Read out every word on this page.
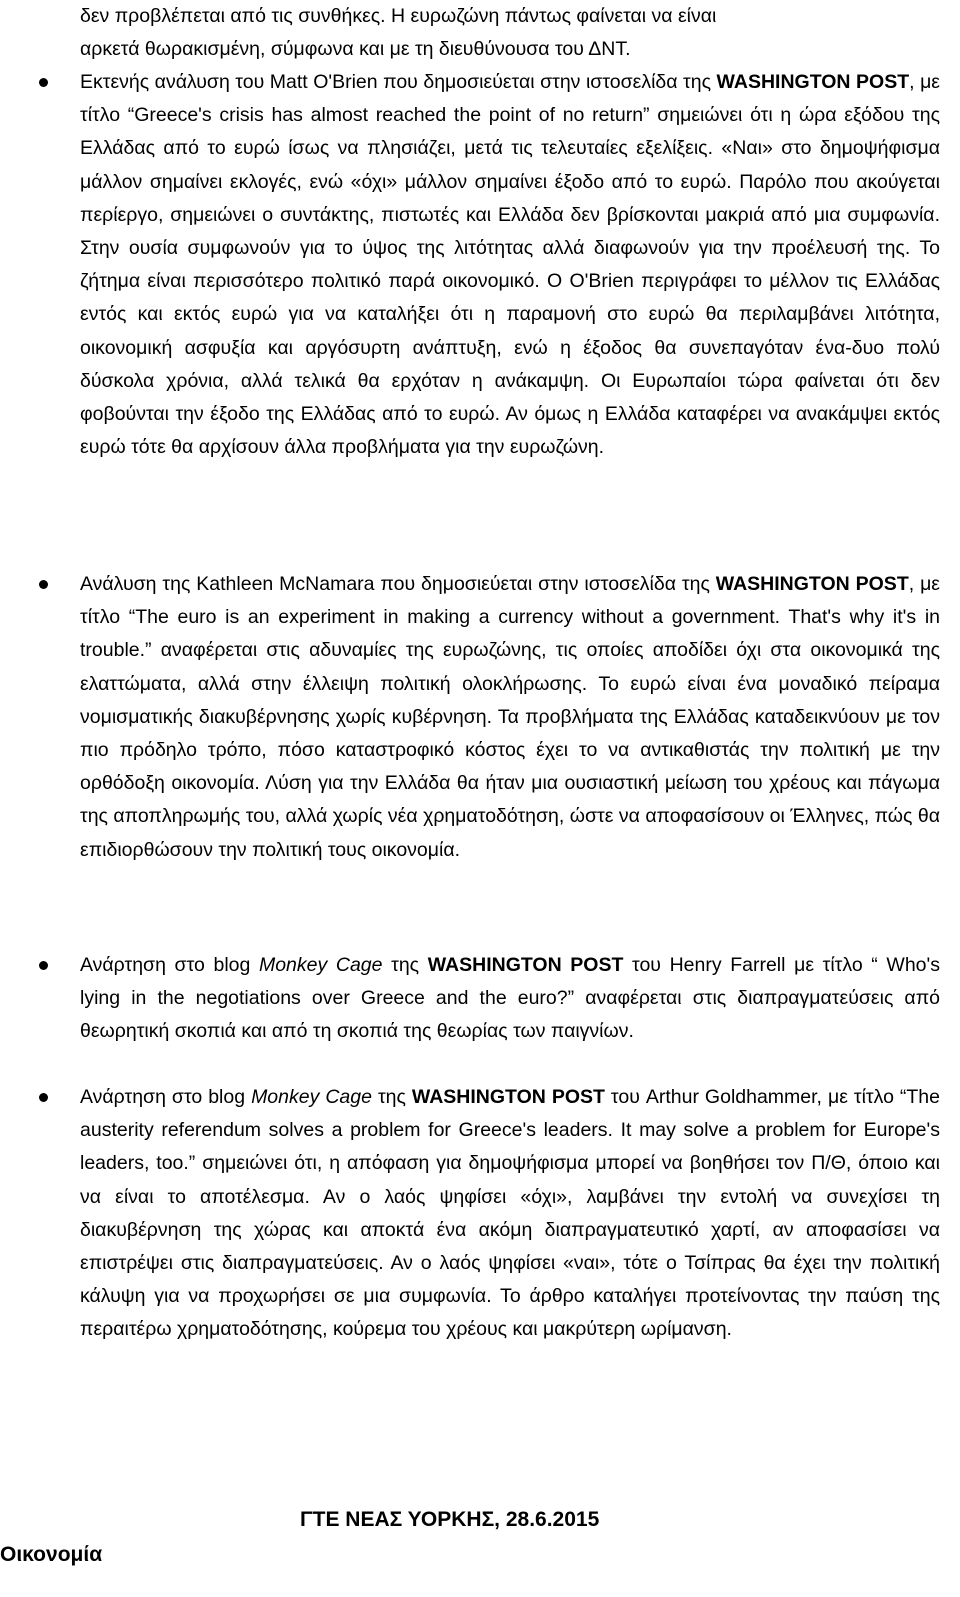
δεν προβλέπεται από τις συνθήκες. Η ευρωζώνη πάντως φαίνεται να είναι

αρκετά θωρακισμένη, σύμφωνα και με τη διευθύνουσα του ΔΝΤ.

Εκτενής ανάλυση του Matt O'Brien που δημοσιεύεται στην ιστοσελίδα της WASHINGTON POST, με τίτλο “Greece's crisis has almost reached the point of no return” σημειώνει ότι η ώρα εξόδου της Ελλάδας από το ευρώ ίσως να πλησιάζει, μετά τις τελευταίες εξελίξεις. «Ναι» στο δημοψήφισμα μάλλον σημαίνει εκλογές, ενώ «όχι» μάλλον σημαίνει έξοδο από το ευρώ. Παρόλο που ακούγεται περίεργο, σημειώνει ο συντάκτης, πιστωτές και Ελλάδα δεν βρίσκονται μακριά από μια συμφωνία. Στην ουσία συμφωνούν για το ύψος της λιτότητας αλλά διαφωνούν για την προέλευσή της. Το ζήτημα είναι περισσότερο πολιτικό παρά οικονομικό. Ο O'Brien περιγράφει το μέλλον τις Ελλάδας εντός και εκτός ευρώ για να καταλήξει ότι η παραμονή στο ευρώ θα περιλαμβάνει λιτότητα, οικονομική ασφυξία και αργόσυρτη ανάπτυξη, ενώ η έξοδος θα συνεπαγόταν ένα-δυο πολύ δύσκολα χρόνια, αλλά τελικά θα ερχόταν η ανάκαμψη. Οι Ευρωπαίοι τώρα φαίνεται ότι δεν φοβούνται την έξοδο της Ελλάδας από το ευρώ. Αν όμως η Ελλάδα καταφέρει να ανακάμψει εκτός ευρώ τότε θα αρχίσουν άλλα προβλήματα για την ευρωζώνη.

Ανάλυση της Kathleen McNamara που δημοσιεύεται στην ιστοσελίδα της WASHINGTON POST, με τίτλο “The euro is an experiment in making a currency without a government. That's why it's in trouble.” αναφέρεται στις αδυναμίες της ευρωζώνης, τις οποίες αποδίδει όχι στα οικονομικά της ελαττώματα, αλλά στην έλλειψη πολιτική ολοκλήρωσης. Το ευρώ είναι ένα μοναδικό πείραμα νομισματικής διακυβέρνησης χωρίς κυβέρνηση. Τα προβλήματα της Ελλάδας καταδεικνύουν με τον πιο πρόδηλο τρόπο, πόσο καταστροφικό κόστος έχει το να αντικαθιστάς την πολιτική με την ορθόδοξη οικονομία. Λύση για την Ελλάδα θα ήταν μια ουσιαστική μείωση του χρέους και πάγωμα της αποπληρωμής του, αλλά χωρίς νέα χρηματοδότηση, ώστε να αποφασίσουν οι Έλληνες, πώς θα επιδιορθώσουν την πολιτική τους οικονομία.

Ανάρτηση στο blog Monkey Cage της WASHINGTON POST του Henry Farrell με τίτλο “ Who's lying in the negotiations over Greece and the euro?” αναφέρεται στις διαπραγματεύσεις από θεωρητική σκοπιά και από τη σκοπιά της θεωρίας των παιγνίων.

Ανάρτηση στο blog Monkey Cage της WASHINGTON POST του Arthur Goldhammer, με τίτλο “The austerity referendum solves a problem for Greece's leaders. It may solve a problem for Europe's leaders, too.” σημειώνει ότι, η απόφαση για δημοψήφισμα μπορεί να βοηθήσει τον Π/Θ, όποιο και να είναι το αποτέλεσμα. Αν ο λαός ψηφίσει «όχι», λαμβάνει την εντολή να συνεχίσει τη διακυβέρνηση της χώρας και αποκτά ένα ακόμη διαπραγματευτικό χαρτί, αν αποφασίσει να επιστρέψει στις διαπραγματεύσεις. Αν ο λαός ψηφίσει «ναι», τότε ο Τσίπρας θα έχει την πολιτική κάλυψη για να προχωρήσει σε μια συμφωνία. Το άρθρο καταλήγει προτείνοντας την παύση της περαιτέρω χρηματοδότησης, κούρεμα του χρέους και μακρύτερη ωρίμανση.

ΓΤΕ ΝΕΑΣ ΥΟΡΚΗΣ, 28.6.2015

Οικονομία
